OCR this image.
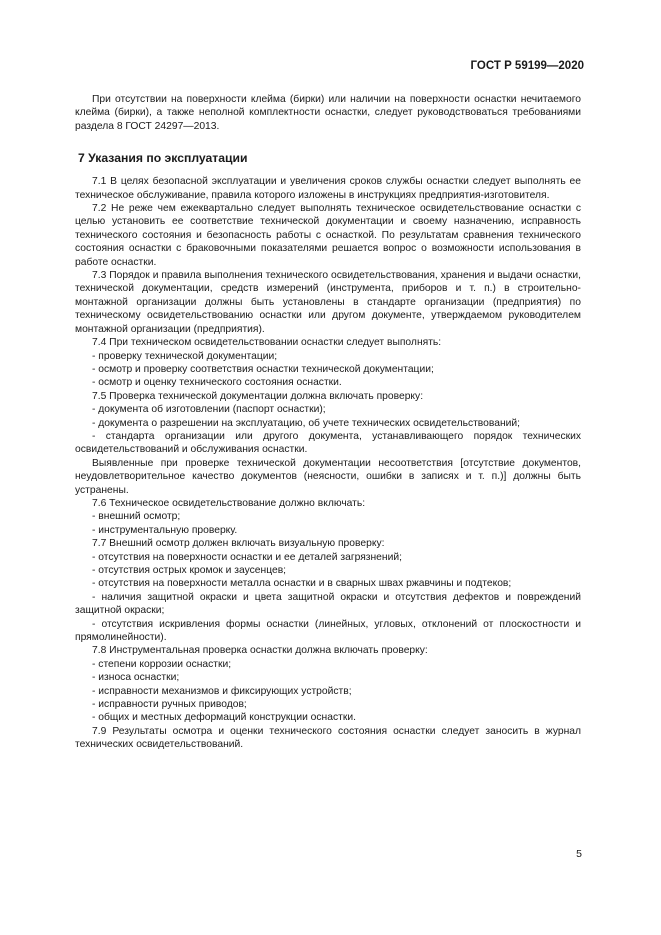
ГОСТ Р 59199—2020

При отсутствии на поверхности клейма (бирки) или наличии на поверхности оснастки нечитаемого клейма (бирки), а также неполной комплектности оснастки, следует руководствоваться требованиями раздела 8 ГОСТ 24297—2013.

7 Указания по эксплуатации

7.1 В целях безопасной эксплуатации и увеличения сроков службы оснастки следует выполнять ее техническое обслуживание, правила которого изложены в инструкциях предприятия-изготовителя.

7.2 Не реже чем ежеквартально следует выполнять техническое освидетельствование оснастки с целью установить ее соответствие технической документации и своему назначению, исправность технического состояния и безопасность работы с оснасткой. По результатам сравнения технического состояния оснастки с браковочными показателями решается вопрос о возможности использования в работе оснастки.

7.3 Порядок и правила выполнения технического освидетельствования, хранения и выдачи оснастки, технической документации, средств измерений (инструмента, приборов и т. п.) в строительно-монтажной организации должны быть установлены в стандарте организации (предприятия) по техническому освидетельствованию оснастки или другом документе, утверждаемом руководителем монтажной организации (предприятия).

7.4 При техническом освидетельствовании оснастки следует выполнять:

- проверку технической документации;

- осмотр и проверку соответствия оснастки технической документации;

- осмотр и оценку технического состояния оснастки.

7.5 Проверка технической документации должна включать проверку:

- документа об изготовлении (паспорт оснастки);

- документа о разрешении на эксплуатацию, об учете технических освидетельствований;

- стандарта организации или другого документа, устанавливающего порядок технических освидетельствований и обслуживания оснастки.

Выявленные при проверке технической документации несоответствия [отсутствие документов, неудовлетворительное качество документов (неясности, ошибки в записях и т. п.)] должны быть устранены.

7.6 Техническое освидетельствование должно включать:

- внешний осмотр;

- инструментальную проверку.

7.7 Внешний осмотр должен включать визуальную проверку:

- отсутствия на поверхности оснастки и ее деталей загрязнений;

- отсутствия острых кромок и заусенцев;

- отсутствия на поверхности металла оснастки и в сварных швах ржавчины и подтеков;

- наличия защитной окраски и цвета защитной окраски и отсутствия дефектов и повреждений защитной окраски;

- отсутствия искривления формы оснастки (линейных, угловых, отклонений от плоскостности и прямолинейности).

7.8 Инструментальная проверка оснастки должна включать проверку:

- степени коррозии оснастки;

- износа оснастки;

- исправности механизмов и фиксирующих устройств;

- исправности ручных приводов;

- общих и местных деформаций конструкции оснастки.

7.9 Результаты осмотра и оценки технического состояния оснастки следует заносить в журнал технических освидетельствований.

5
